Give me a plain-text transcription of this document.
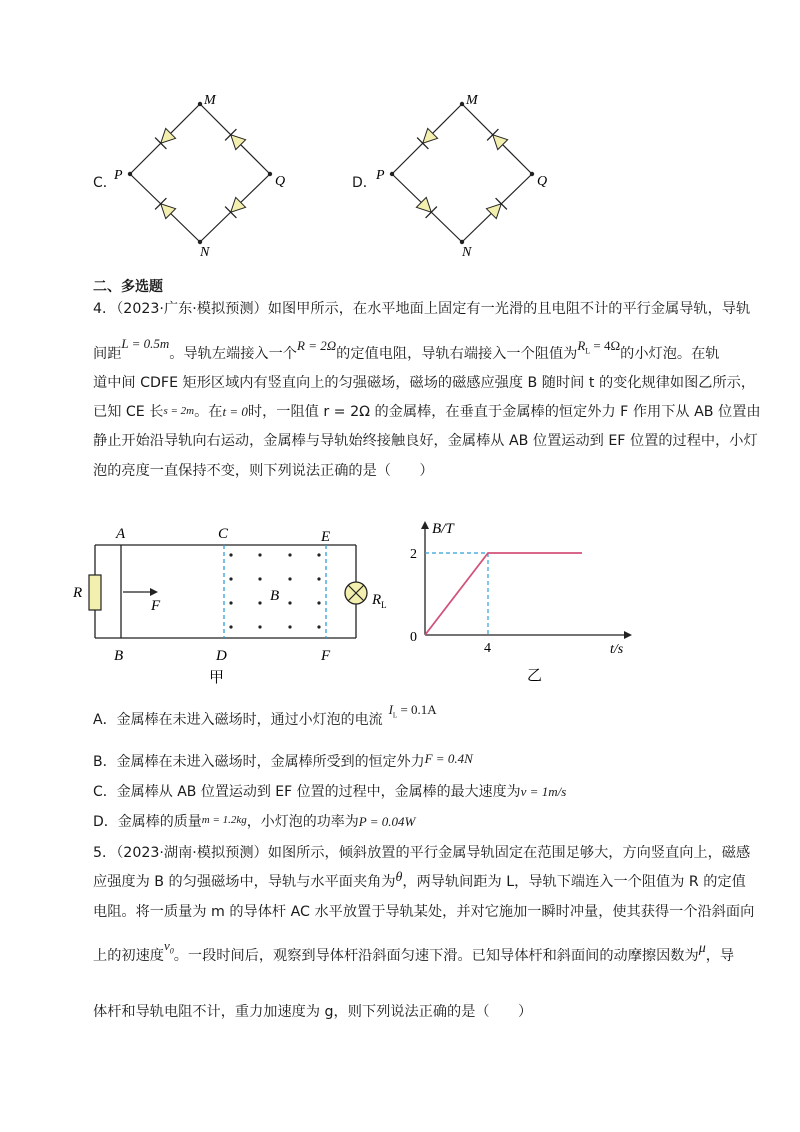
C．
M
P	Q
N
D．
M
P	Q
N
二、多选题
4．（2023·广东·模拟预测）如图甲所示，在水平地面上固定有一光滑的且电阻不计的平行金属导轨，导轨
间距L = 0.5m。导轨左端接入一个R = 2Ω的定值电阻，导轨右端接入一个阻值为$R_L = 4\Omega$的小灯泡。在轨
道中间 CDFE 矩形区域内有竖直向上的匀强磁场，磁场的磁感应强度 B 随时间 t 的变化规律如图乙所示，
已知 CE 长s = 2m。在t = 0时，一阻值 r = 2Ω 的金属棒，在垂直于金属棒的恒定外力 F 作用下从 AB 位置由
静止开始沿导轨向右运动，金属棒与导轨始终接触良好，金属棒从 AB 位置运动到 EF 位置的过程中，小灯
泡的亮度一直保持不变，则下列说法正确的是（　　）
A	C	E
B	D	F
R
F
B	$R_L$
甲
B/T
t/s
2
4
0
乙
A．金属棒在未进入磁场时，通过小灯泡的电流$I_L = 0.1A$
B．金属棒在未进入磁场时，金属棒所受到的恒定外力F = 0.4N
C．金属棒从 AB 位置运动到 EF 位置的过程中，金属棒的最大速度为v = 1m/s
D．金属棒的质量$^{m = 1.2kg}$，小灯泡的功率为P = 0.04W
5．（2023·湖南·模拟预测）如图所示，倾斜放置的平行金属导轨固定在范围足够大，方向竖直向上，磁感
应强度为 B 的匀强磁场中，导轨与水平面夹角为θ，两导轨间距为 L，导轨下端连入一个阻值为 R 的定值
电阻。将一质量为 m 的导体杆 AC 水平放置于导轨某处，并对它施加一瞬时冲量，使其获得一个沿斜面向
上的初速度$v_0$。一段时间后，观察到导体杆沿斜面匀速下滑。已知导体杆和斜面间的动摩擦因数为μ，导
体杆和导轨电阻不计，重力加速度为 g，则下列说法正确的是（　　）
